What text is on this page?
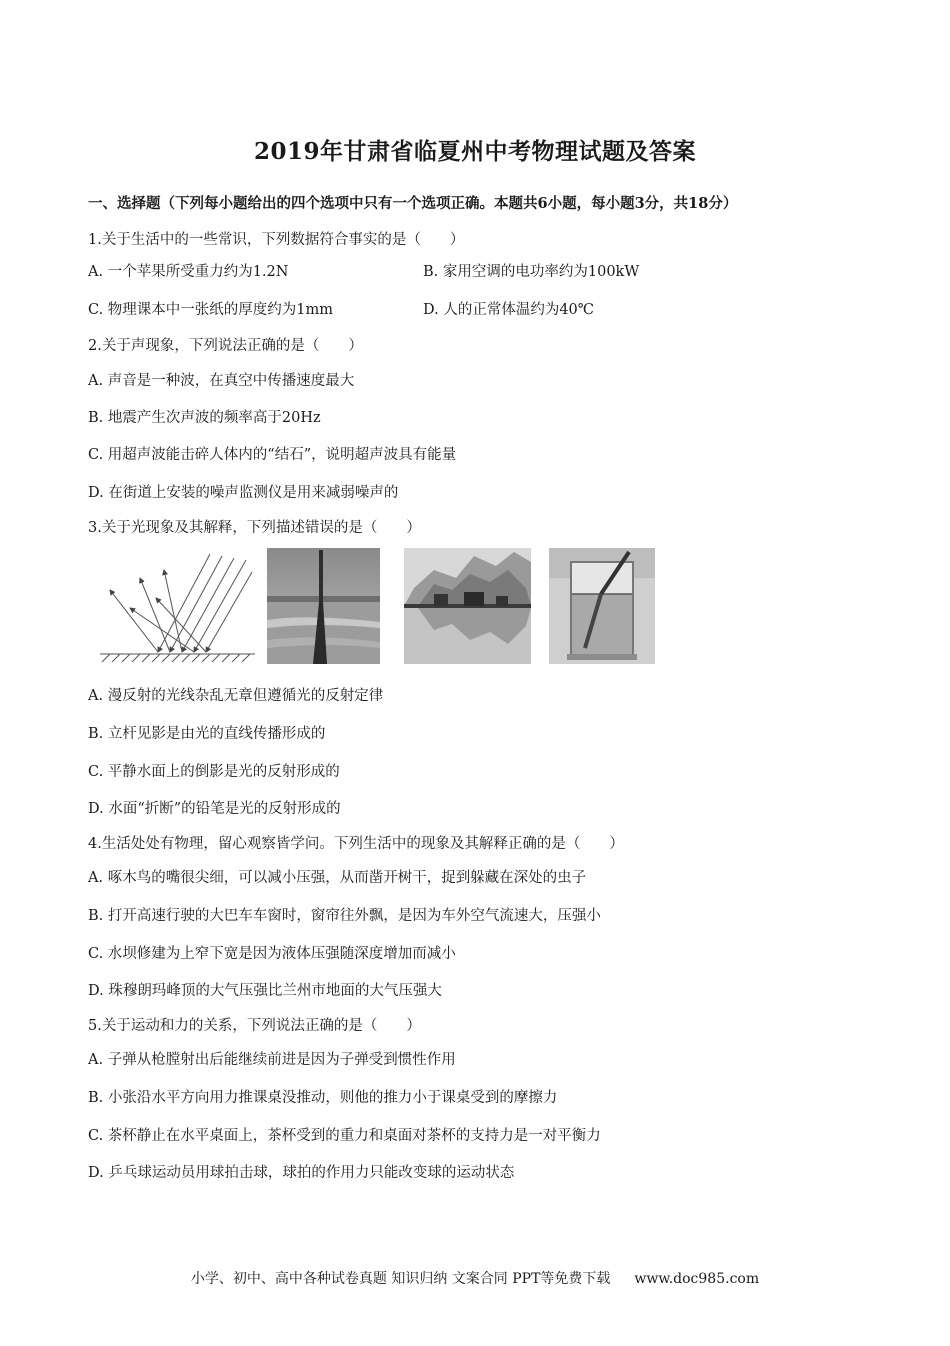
2019年甘肃省临夏州中考物理试题及答案
一、选择题（下列每小题给出的四个选项中只有一个选项正确。本题共6小题，每小题3分，共18分）
1.关于生活中的一些常识，下列数据符合事实的是（　　）
A. 一个苹果所受重力约为1.2N	B. 家用空调的电功率约为100kW
C. 物理课本中一张纸的厚度约为1mm	D. 人的正常体温约为40℃
2.关于声现象，下列说法正确的是（　　）
A. 声音是一种波，在真空中传播速度最大
B. 地震产生次声波的频率高于20Hz
C. 用超声波能击碎人体内的“结石”，说明超声波具有能量
D. 在街道上安装的噪声监测仪是用来减弱噪声的
3.关于光现象及其解释，下列描述错误的是（　　）
A. 漫反射的光线杂乱无章但遵循光的反射定律
B. 立杆见影是由光的直线传播形成的
C. 平静水面上的倒影是光的反射形成的
D. 水面“折断”的铅笔是光的反射形成的
4.生活处处有物理，留心观察皆学问。下列生活中的现象及其解释正确的是（　　）
A. 啄木鸟的嘴很尖细，可以减小压强，从而凿开树干，捉到躲藏在深处的虫子
B. 打开高速行驶的大巴车车窗时，窗帘往外飘，是因为车外空气流速大，压强小
C. 水坝修建为上窄下宽是因为液体压强随深度增加而减小
D. 珠穆朗玛峰顶的大气压强比兰州市地面的大气压强大
5.关于运动和力的关系，下列说法正确的是（　　）
A. 子弹从枪膛射出后能继续前进是因为子弹受到惯性作用
B. 小张沿水平方向用力推课桌没推动，则他的推力小于课桌受到的摩擦力
C. 茶杯静止在水平桌面上，茶杯受到的重力和桌面对茶杯的支持力是一对平衡力
D. 乒乓球运动员用球拍击球，球拍的作用力只能改变球的运动状态
小学、初中、高中各种试卷真题 知识归纳 文案合同 PPT等免费下载 www.doc985.com
